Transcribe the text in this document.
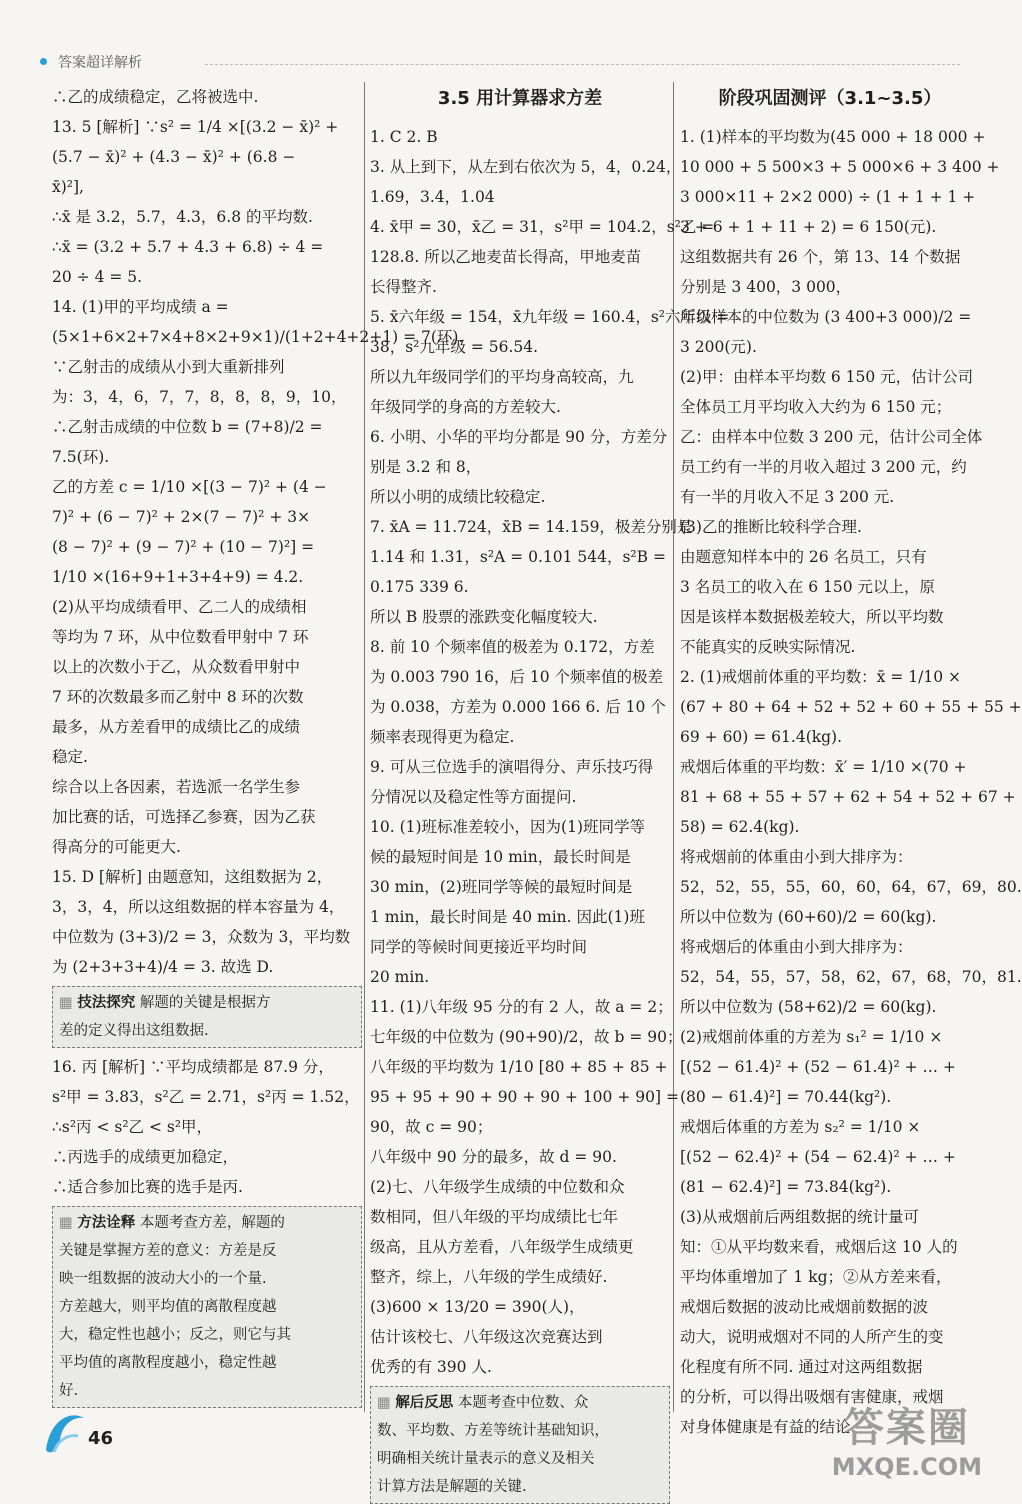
答案超详解析

∴乙的成绩稳定，乙将被选中.

13. 5 [解析] ∵s² = 1/4 ×[(3.2 − x̄)² +

(5.7 − x̄)² + (4.3 − x̄)² + (6.8 −

x̄)²],

∴x̄ 是 3.2，5.7，4.3，6.8 的平均数.

∴x̄ = (3.2 + 5.7 + 4.3 + 6.8) ÷ 4 =

20 ÷ 4 = 5.

14. (1)甲的平均成绩 a =

(5×1+6×2+7×4+8×2+9×1)/(1+2+4+2+1) = 7(环).

∵乙射击的成绩从小到大重新排列

为：3，4，6，7，7，8，8，8，9，10，

∴乙射击成绩的中位数 b = (7+8)/2 =

7.5(环).

乙的方差 c = 1/10 ×[(3 − 7)² + (4 −

7)² + (6 − 7)² + 2×(7 − 7)² + 3×

(8 − 7)² + (9 − 7)² + (10 − 7)²] =

1/10 ×(16+9+1+3+4+9) = 4.2.

(2)从平均成绩看甲、乙二人的成绩相

等均为 7 环，从中位数看甲射中 7 环

以上的次数小于乙，从众数看甲射中

7 环的次数最多而乙射中 8 环的次数

最多，从方差看甲的成绩比乙的成绩

稳定.

综合以上各因素，若选派一名学生参

加比赛的话，可选择乙参赛，因为乙获

得高分的可能更大.

15. D [解析] 由题意知，这组数据为 2，

3，3，4，所以这组数据的样本容量为 4，

中位数为 (3+3)/2 = 3，众数为 3，平均数

为 (2+3+3+4)/4 = 3. 故选 D.

▦ 技法探究 解题的关键是根据方
差的定义得出这组数据.

16. 丙 [解析] ∵平均成绩都是 87.9 分，

s²甲 = 3.83，s²乙 = 2.71，s²丙 = 1.52，

∴s²丙 < s²乙 < s²甲，

∴丙选手的成绩更加稳定，

∴适合参加比赛的选手是丙.

▦ 方法诠释 本题考查方差，解题的
关键是掌握方差的意义：方差是反
映一组数据的波动大小的一个量.
方差越大，则平均值的离散程度越
大，稳定性也越小；反之，则它与其
平均值的离散程度越小，稳定性越
好.
3.5 用计算器求方差

1. C 2. B

3. 从上到下，从左到右依次为 5，4，0.24，

1.69，3.4，1.04

4. x̄甲 = 30，x̄乙 = 31，s²甲 = 104.2，s²乙 =

128.8. 所以乙地麦苗长得高，甲地麦苗

长得整齐.

5. x̄六年级 = 154，x̄九年级 = 160.4，s²六年级 =

38，s²九年级 = 56.54.

所以九年级同学们的平均身高较高，九

年级同学的身高的方差较大.

6. 小明、小华的平均分都是 90 分，方差分

别是 3.2 和 8，

所以小明的成绩比较稳定.

7. x̄A = 11.724，x̄B = 14.159，极差分别是

1.14 和 1.31，s²A = 0.101 544，s²B =

0.175 339 6.

所以 B 股票的涨跌变化幅度较大.

8. 前 10 个频率值的极差为 0.172，方差

为 0.003 790 16，后 10 个频率值的极差

为 0.038，方差为 0.000 166 6. 后 10 个

频率表现得更为稳定.

9. 可从三位选手的演唱得分、声乐技巧得

分情况以及稳定性等方面提问.

10. (1)班标准差较小，因为(1)班同学等

候的最短时间是 10 min，最长时间是

30 min，(2)班同学等候的最短时间是

1 min，最长时间是 40 min. 因此(1)班

同学的等候时间更接近平均时间

20 min.

11. (1)八年级 95 分的有 2 人，故 a = 2；

七年级的中位数为 (90+90)/2，故 b = 90；

八年级的平均数为 1/10 [80 + 85 + 85 +

95 + 95 + 90 + 90 + 90 + 100 + 90] =

90，故 c = 90；

八年级中 90 分的最多，故 d = 90.

(2)七、八年级学生成绩的中位数和众

数相同，但八年级的平均成绩比七年

级高，且从方差看，八年级学生成绩更

整齐，综上，八年级的学生成绩好.

(3)600 × 13/20 = 390(人)，

估计该校七、八年级这次竞赛达到

优秀的有 390 人.

▦ 解后反思 本题考查中位数、众
数、平均数、方差等统计基础知识，
明确相关统计量表示的意义及相关
计算方法是解题的关键.
阶段巩固测评（3.1~3.5）

1. (1)样本的平均数为(45 000 + 18 000 +

10 000 + 5 500×3 + 5 000×6 + 3 400 +

3 000×11 + 2×2 000) ÷ (1 + 1 + 1 +

3 + 6 + 1 + 11 + 2) = 6 150(元).

这组数据共有 26 个，第 13、14 个数据

分别是 3 400，3 000，

所以样本的中位数为 (3 400+3 000)/2 =

3 200(元).

(2)甲：由样本平均数 6 150 元，估计公司

全体员工月平均收入大约为 6 150 元；

乙：由样本中位数 3 200 元，估计公司全体

员工约有一半的月收入超过 3 200 元，约

有一半的月收入不足 3 200 元.

(3)乙的推断比较科学合理.

由题意知样本中的 26 名员工，只有

3 名员工的收入在 6 150 元以上，原

因是该样本数据极差较大，所以平均数

不能真实的反映实际情况.

2. (1)戒烟前体重的平均数：x̄ = 1/10 ×

(67 + 80 + 64 + 52 + 52 + 60 + 55 + 55 +

69 + 60) = 61.4(kg).

戒烟后体重的平均数：x̄′ = 1/10 ×(70 +

81 + 68 + 55 + 57 + 62 + 54 + 52 + 67 +

58) = 62.4(kg).

将戒烟前的体重由小到大排序为：

52，52，55，55，60，60，64，67，69，80.

所以中位数为 (60+60)/2 = 60(kg).

将戒烟后的体重由小到大排序为：

52，54，55，57，58，62，67，68，70，81.

所以中位数为 (58+62)/2 = 60(kg).

(2)戒烟前体重的方差为 s₁² = 1/10 ×

[(52 − 61.4)² + (52 − 61.4)² + … +

(80 − 61.4)²] = 70.44(kg²).

戒烟后体重的方差为 s₂² = 1/10 ×

[(52 − 62.4)² + (54 − 62.4)² + … +

(81 − 62.4)²] = 73.84(kg²).

(3)从戒烟前后两组数据的统计量可

知：①从平均数来看，戒烟后这 10 人的

平均体重增加了 1 kg；②从方差来看，

戒烟后数据的波动比戒烟前数据的波

动大，说明戒烟对不同的人所产生的变

化程度有所不同. 通过对这两组数据

的分析，可以得出吸烟有害健康，戒烟

对身体健康是有益的结论.

46	答案圈
MXQE.COM
